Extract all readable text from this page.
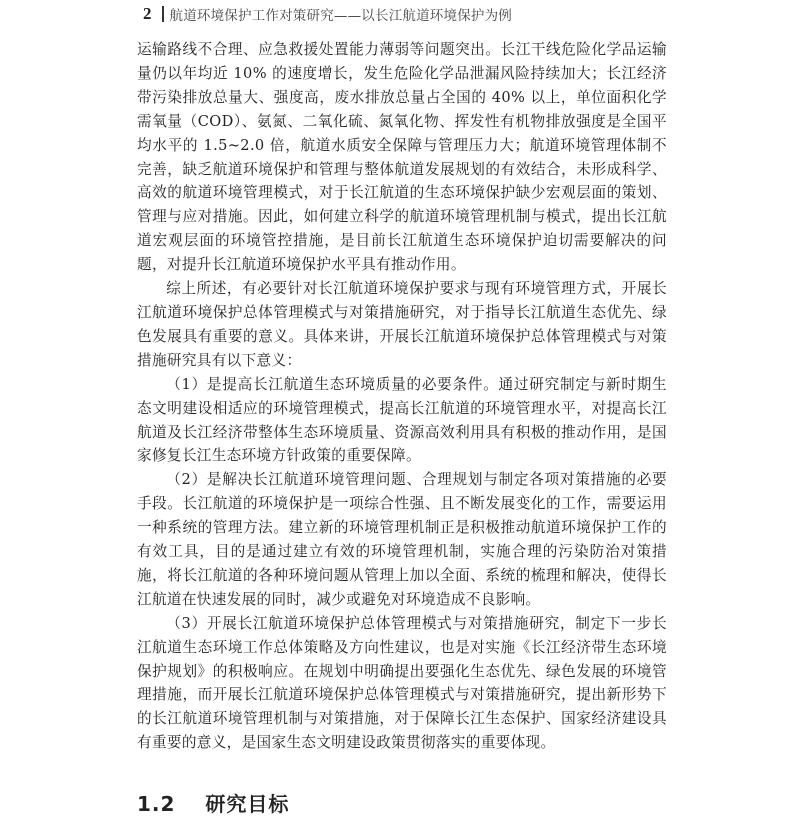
2 航道环境保护工作对策研究——以长江航道环境保护为例

运输路线不合理、应急救援处置能力薄弱等问题突出。长江干线危险化学品运输量仍以年均近 10% 的速度增长，发生危险化学品泄漏风险持续加大；长江经济带污染排放总量大、强度高，废水排放总量占全国的 40% 以上，单位面积化学需氧量（COD）、氨氮、二氧化硫、氮氧化物、挥发性有机物排放强度是全国平均水平的 1.5~2.0 倍，航道水质安全保障与管理压力大；航道环境管理体制不完善，缺乏航道环境保护和管理与整体航道发展规划的有效结合，未形成科学、高效的航道环境管理模式，对于长江航道的生态环境保护缺少宏观层面的策划、管理与应对措施。因此，如何建立科学的航道环境管理机制与模式，提出长江航道宏观层面的环境管控措施，是目前长江航道生态环境保护迫切需要解决的问题，对提升长江航道环境保护水平具有推动作用。

综上所述，有必要针对长江航道环境保护要求与现有环境管理方式，开展长江航道环境保护总体管理模式与对策措施研究，对于指导长江航道生态优先、绿色发展具有重要的意义。具体来讲，开展长江航道环境保护总体管理模式与对策措施研究具有以下意义：

（1）是提高长江航道生态环境质量的必要条件。通过研究制定与新时期生态文明建设相适应的环境管理模式，提高长江航道的环境管理水平，对提高长江航道及长江经济带整体生态环境质量、资源高效利用具有积极的推动作用，是国家修复长江生态环境方针政策的重要保障。

（2）是解决长江航道环境管理问题、合理规划与制定各项对策措施的必要手段。长江航道的环境保护是一项综合性强、且不断发展变化的工作，需要运用一种系统的管理方法。建立新的环境管理机制正是积极推动航道环境保护工作的有效工具，目的是通过建立有效的环境管理机制，实施合理的污染防治对策措施，将长江航道的各种环境问题从管理上加以全面、系统的梳理和解决，使得长江航道在快速发展的同时，减少或避免对环境造成不良影响。

（3）开展长江航道环境保护总体管理模式与对策措施研究，制定下一步长江航道生态环境工作总体策略及方向性建议，也是对实施《长江经济带生态环境保护规划》的积极响应。在规划中明确提出要强化生态优先、绿色发展的环境管理措施，而开展长江航道环境保护总体管理模式与对策措施研究，提出新形势下的长江航道环境管理机制与对策措施，对于保障长江生态保护、国家经济建设具有重要的意义，是国家生态文明建设政策贯彻落实的重要体现。

1.2 研究目标
